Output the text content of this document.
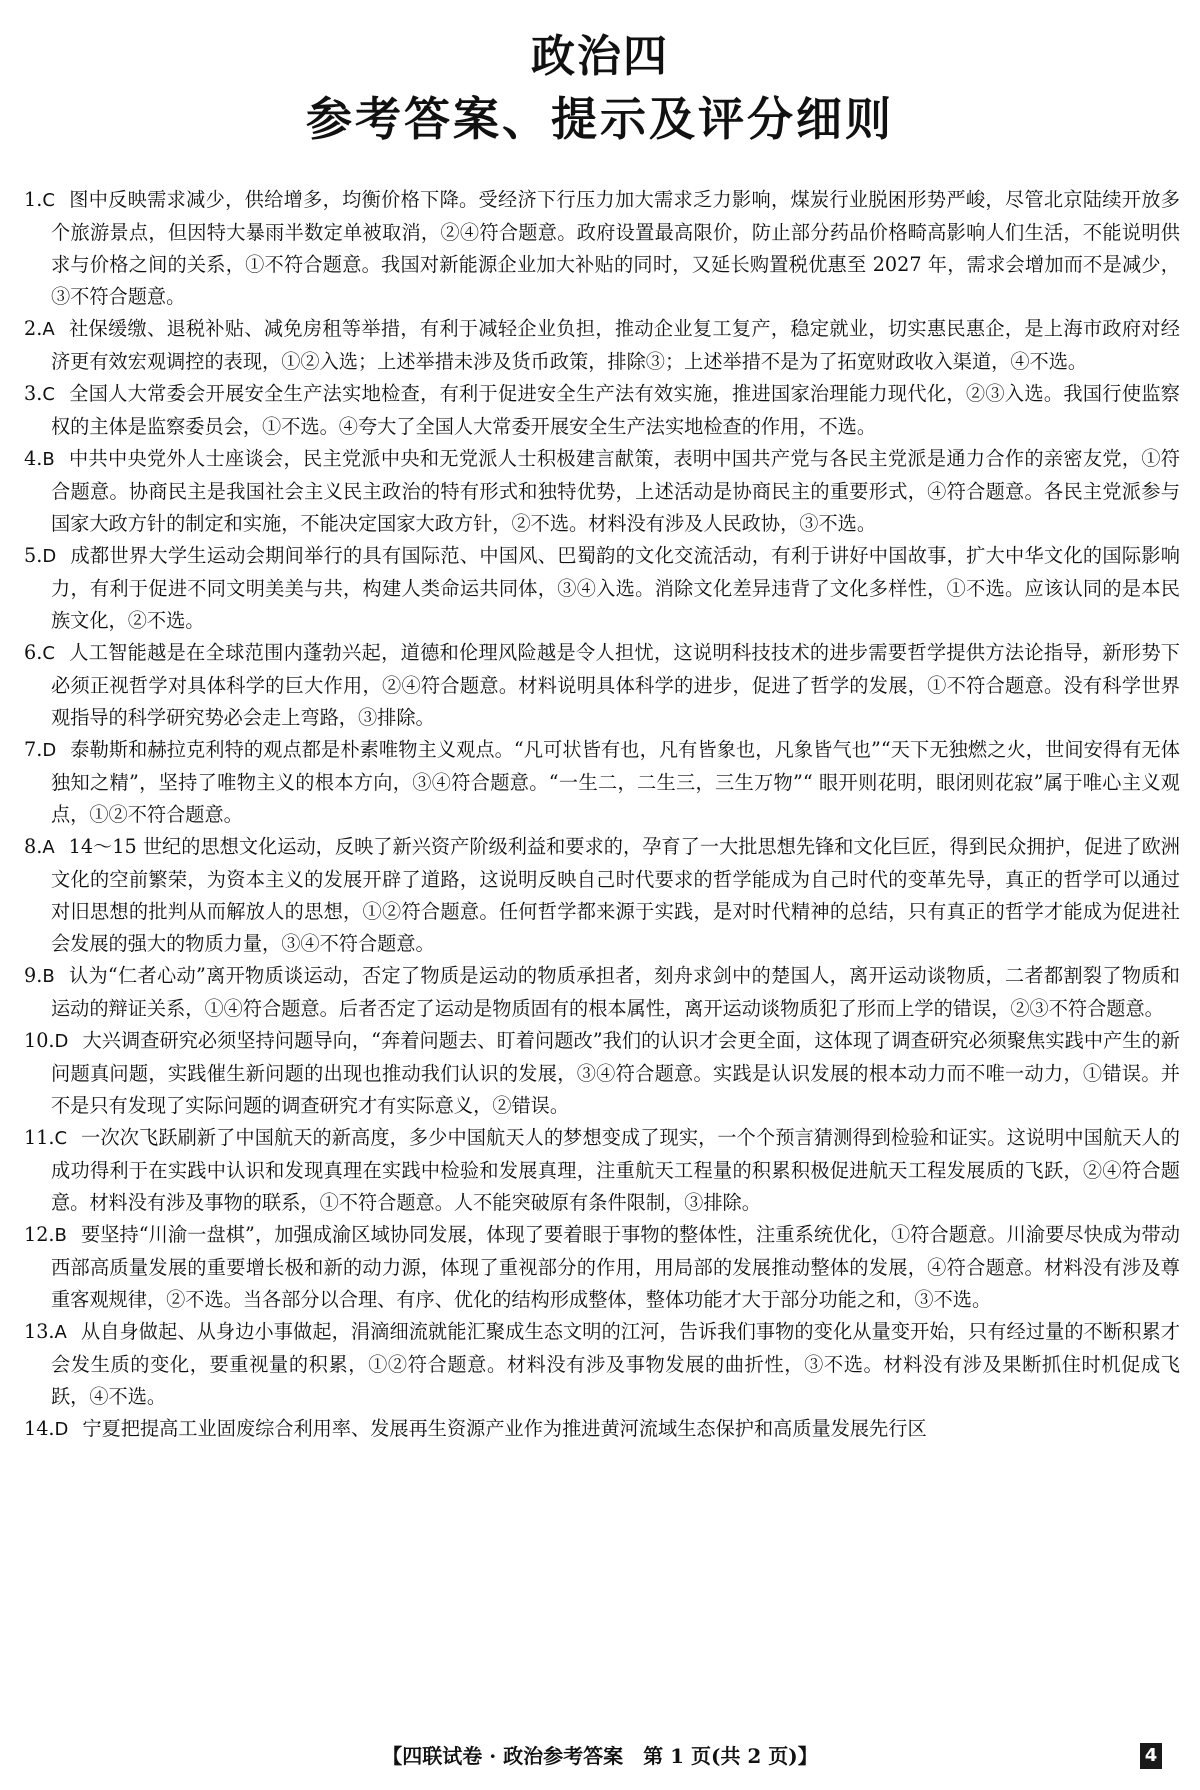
政治四
参考答案、提示及评分细则
1.C 图中反映需求减少，供给增多，均衡价格下降。受经济下行压力加大需求乏力影响，煤炭行业脱困形势严峻，尽管北京陆续开放多个旅游景点，但因特大暴雨半数定单被取消，②④符合题意。政府设置最高限价，防止部分药品价格畸高影响人们生活，不能说明供求与价格之间的关系，①不符合题意。我国对新能源企业加大补贴的同时，又延长购置税优惠至 2027 年，需求会增加而不是减少，③不符合题意。
2.A 社保缓缴、退税补贴、减免房租等举措，有利于减轻企业负担，推动企业复工复产，稳定就业，切实惠民惠企，是上海市政府对经济更有效宏观调控的表现，①②入选；上述举措未涉及货币政策，排除③；上述举措不是为了拓宽财政收入渠道，④不选。
3.C 全国人大常委会开展安全生产法实地检查，有利于促进安全生产法有效实施，推进国家治理能力现代化，②③入选。我国行使监察权的主体是监察委员会，①不选。④夸大了全国人大常委开展安全生产法实地检查的作用，不选。
4.B 中共中央党外人士座谈会，民主党派中央和无党派人士积极建言献策，表明中国共产党与各民主党派是通力合作的亲密友党，①符合题意。协商民主是我国社会主义民主政治的特有形式和独特优势，上述活动是协商民主的重要形式，④符合题意。各民主党派参与国家大政方针的制定和实施，不能决定国家大政方针，②不选。材料没有涉及人民政协，③不选。
5.D 成都世界大学生运动会期间举行的具有国际范、中国风、巴蜀韵的文化交流活动，有利于讲好中国故事，扩大中华文化的国际影响力，有利于促进不同文明美美与共，构建人类命运共同体，③④入选。消除文化差异违背了文化多样性，①不选。应该认同的是本民族文化，②不选。
6.C 人工智能越是在全球范围内蓬勃兴起，道德和伦理风险越是令人担忧，这说明科技技术的进步需要哲学提供方法论指导，新形势下必须正视哲学对具体科学的巨大作用，②④符合题意。材料说明具体科学的进步，促进了哲学的发展，①不符合题意。没有科学世界观指导的科学研究势必会走上弯路，③排除。
7.D 泰勒斯和赫拉克利特的观点都是朴素唯物主义观点。“凡可状皆有也，凡有皆象也，凡象皆气也”“天下无独燃之火，世间安得有无体独知之精”，坚持了唯物主义的根本方向，③④符合题意。“一生二，二生三，三生万物”“ 眼开则花明，眼闭则花寂”属于唯心主义观点，①②不符合题意。
8.A 14～15 世纪的思想文化运动，反映了新兴资产阶级利益和要求的，孕育了一大批思想先锋和文化巨匠，得到民众拥护，促进了欧洲文化的空前繁荣，为资本主义的发展开辟了道路，这说明反映自己时代要求的哲学能成为自己时代的变革先导，真正的哲学可以通过对旧思想的批判从而解放人的思想，①②符合题意。任何哲学都来源于实践，是对时代精神的总结，只有真正的哲学才能成为促进社会发展的强大的物质力量，③④不符合题意。
9.B 认为“仁者心动”离开物质谈运动，否定了物质是运动的物质承担者，刻舟求剑中的楚国人，离开运动谈物质，二者都割裂了物质和运动的辩证关系，①④符合题意。后者否定了运动是物质固有的根本属性，离开运动谈物质犯了形而上学的错误，②③不符合题意。
10.D 大兴调查研究必须坚持问题导向，“奔着问题去、盯着问题改”我们的认识才会更全面，这体现了调查研究必须聚焦实践中产生的新问题真问题，实践催生新问题的出现也推动我们认识的发展，③④符合题意。实践是认识发展的根本动力而不唯一动力，①错误。并不是只有发现了实际问题的调查研究才有实际意义，②错误。
11.C 一次次飞跃刷新了中国航天的新高度，多少中国航天人的梦想变成了现实，一个个预言猜测得到检验和证实。这说明中国航天人的成功得利于在实践中认识和发现真理在实践中检验和发展真理，注重航天工程量的积累积极促进航天工程发展质的飞跃，②④符合题意。材料没有涉及事物的联系，①不符合题意。人不能突破原有条件限制，③排除。
12.B 要坚持“川渝一盘棋”，加强成渝区域协同发展，体现了要着眼于事物的整体性，注重系统优化，①符合题意。川渝要尽快成为带动西部高质量发展的重要增长极和新的动力源，体现了重视部分的作用，用局部的发展推动整体的发展，④符合题意。材料没有涉及尊重客观规律，②不选。当各部分以合理、有序、优化的结构形成整体，整体功能才大于部分功能之和，③不选。
13.A 从自身做起、从身边小事做起，涓滴细流就能汇聚成生态文明的江河，告诉我们事物的变化从量变开始，只有经过量的不断积累才会发生质的变化，要重视量的积累，①②符合题意。材料没有涉及事物发展的曲折性，③不选。材料没有涉及果断抓住时机促成飞跃，④不选。
14.D 宁夏把提高工业固废综合利用率、发展再生资源产业作为推进黄河流域生态保护和高质量发展先行区
【四联试卷 · 政治参考答案　第 1 页(共 2 页)】	4
